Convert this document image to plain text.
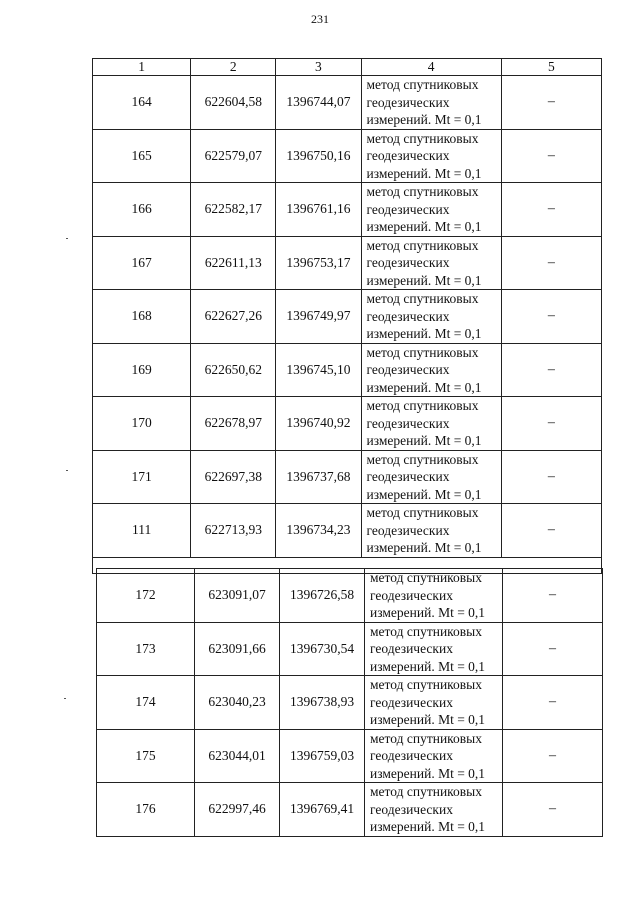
231
1	2	3	4	5
164	622604,58	1396744,07	метод спутниковых
геодезических
измерений. Mt = 0,1	–
165	622579,07	1396750,16	метод спутниковых
геодезических
измерений. Mt = 0,1	–
166	622582,17	1396761,16	метод спутниковых
геодезических
измерений. Mt = 0,1	–
167	622611,13	1396753,17	метод спутниковых
геодезических
измерений. Mt = 0,1	–
168	622627,26	1396749,97	метод спутниковых
геодезических
измерений. Mt = 0,1	–
169	622650,62	1396745,10	метод спутниковых
геодезических
измерений. Mt = 0,1	–
170	622678,97	1396740,92	метод спутниковых
геодезических
измерений. Mt = 0,1	–
171	622697,38	1396737,68	метод спутниковых
геодезических
измерений. Mt = 0,1	–
111	622713,93	1396734,23	метод спутниковых
геодезических
измерений. Mt = 0,1	–

172	623091,07	1396726,58	метод спутниковых
геодезических
измерений. Mt = 0,1	–
173	623091,66	1396730,54	метод спутниковых
геодезических
измерений. Mt = 0,1	–
174	623040,23	1396738,93	метод спутниковых
геодезических
измерений. Mt = 0,1	–
175	623044,01	1396759,03	метод спутниковых
геодезических
измерений. Mt = 0,1	–
176	622997,46	1396769,41	метод спутниковых
геодезических
измерений. Mt = 0,1	–
